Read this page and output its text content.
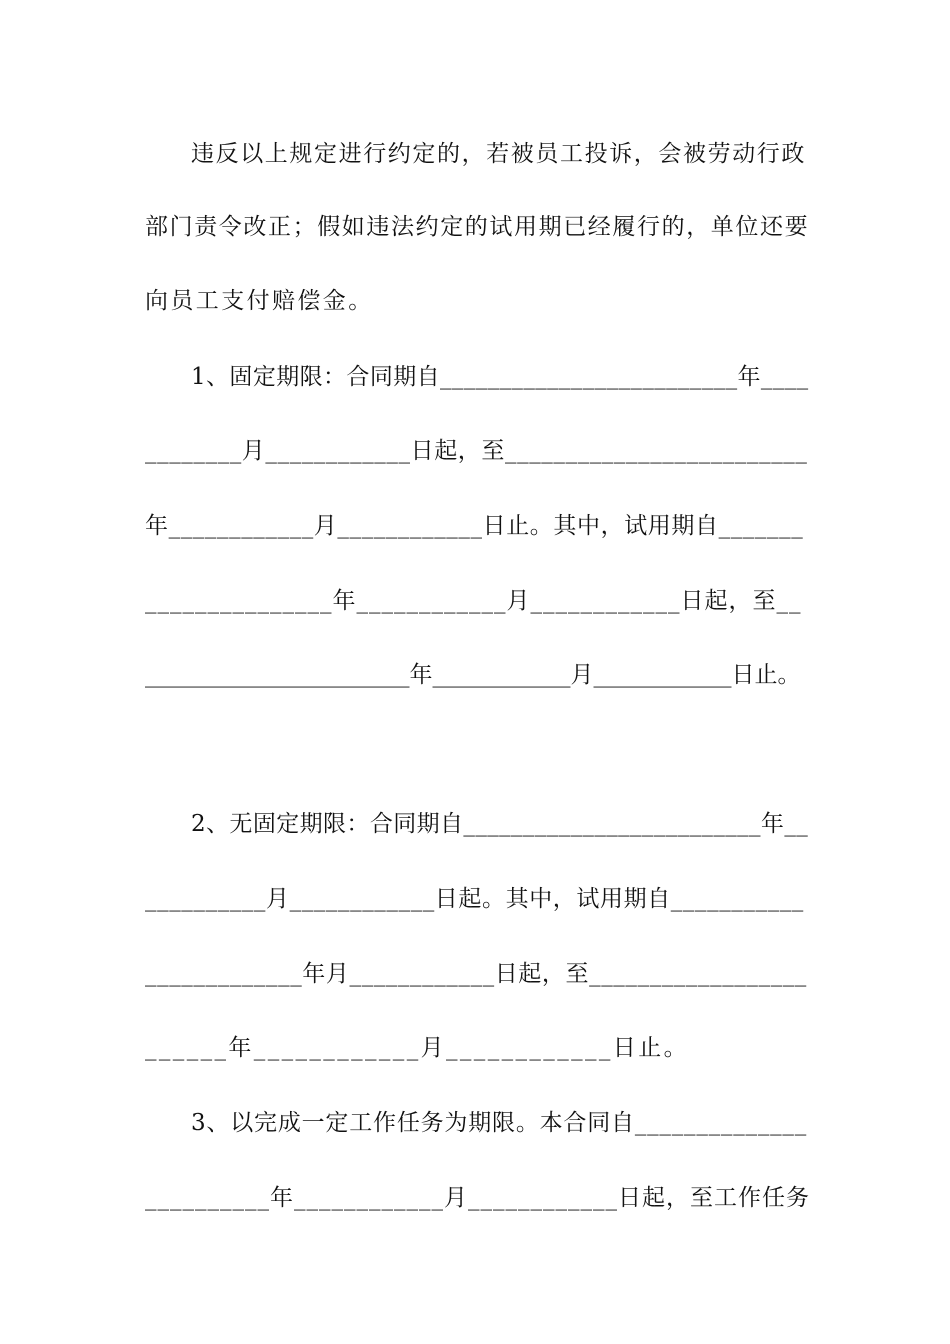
违反以上规定进行约定的，若被员工投诉，会被劳动行政
部门责令改正；假如违法约定的试用期已经履行的，单位还要
向员工支付赔偿金。
1、固定期限：合同期自_________________________年____
________月____________日起，至_________________________
年____________月____________日止。其中，试用期自_______
_______________年____________月____________日起，至__
_______________________年____________月____________日止。
2、无固定期限：合同期自_________________________年__
__________月____________日起。其中，试用期自___________
_____________年月____________日起，至__________________
______年____________月____________日止。
3、以完成一定工作任务为期限。本合同自______________
__________年____________月____________日起，至工作任务
